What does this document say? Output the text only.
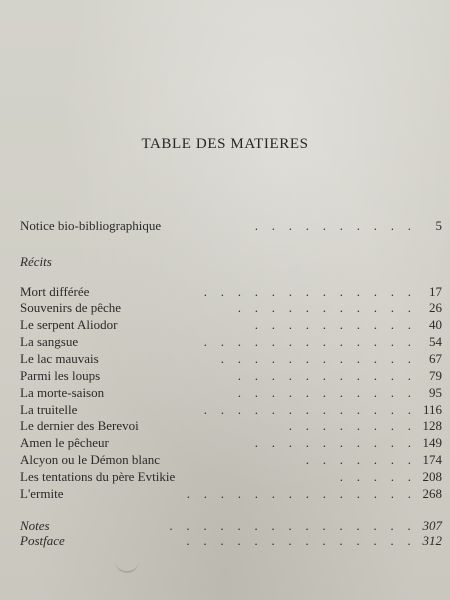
TABLE DES MATIERES
Notice bio-bibliographique	.   .   .   .   .   .   .   .   .   .	5
Récits
Mort différée	.   .   .   .   .   .   .   .   .   .   .   .   .	17
Souvenirs de pêche	.   .   .   .   .   .   .   .   .   .   .	26
Le serpent Aliodor	.   .   .   .   .   .   .   .   .   .	40
La sangsue	.   .   .   .   .   .   .   .   .   .   .   .   .	54
Le lac mauvais	.   .   .   .   .   .   .   .   .   .   .   .	67
Parmi les loups	.   .   .   .   .   .   .   .   .   .   .	79
La morte-saison	.   .   .   .   .   .   .   .   .   .   .	95
La truitelle	.   .   .   .   .   .   .   .   .   .   .   .   . 116
Le dernier des Berevoi	.   .   .   .   .   .   .   . 128
Amen le pêcheur	.   .   .   .   .   .   .   .   .   . 149
Alcyon ou le Démon blanc	.   .   .   .   .   .   . 174
Les tentations du père Evtikie	.   .   .   .   . 208
L'ermite	.   .   .   .   .   .   .   .   .   .   .   .   .   . 268
Notes	.   .   .   .   .   .   .   .   .   .   .   .   .   .   . 307
Postface	.   .   .   .   .   .   .   .   .   .   .   .   .   . 312
